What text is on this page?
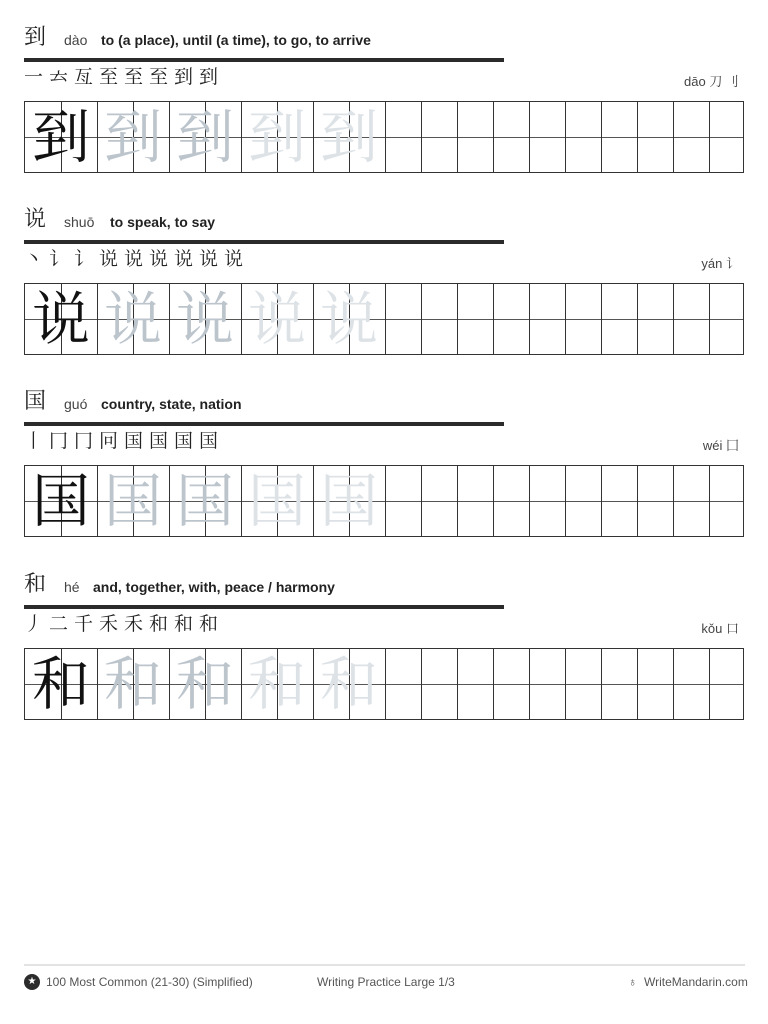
到 dào to (a place), until (a time), to go, to arrive
一 𠫓 亙 至 至 至 到 到	dāo 刀 刂
到 到 到 到 到
说 shuō to speak, to say
丶 讠 讠 说 说 说 说 说 说	yán 讠
说 说 说 说 说
国 guó country, state, nation
丨 冂 冂 冋 国 国 国 国	wéi 囗
国 国 国 国 国
和 hé and, together, with, peace / harmony
丿 二 千 禾 禾 和 和 和	kǒu 口
和 和 和 和 和
★ 100 Most Common (21-30) (Simplified)	Writing Practice Large 1/3	♁ WriteMandarin.com
